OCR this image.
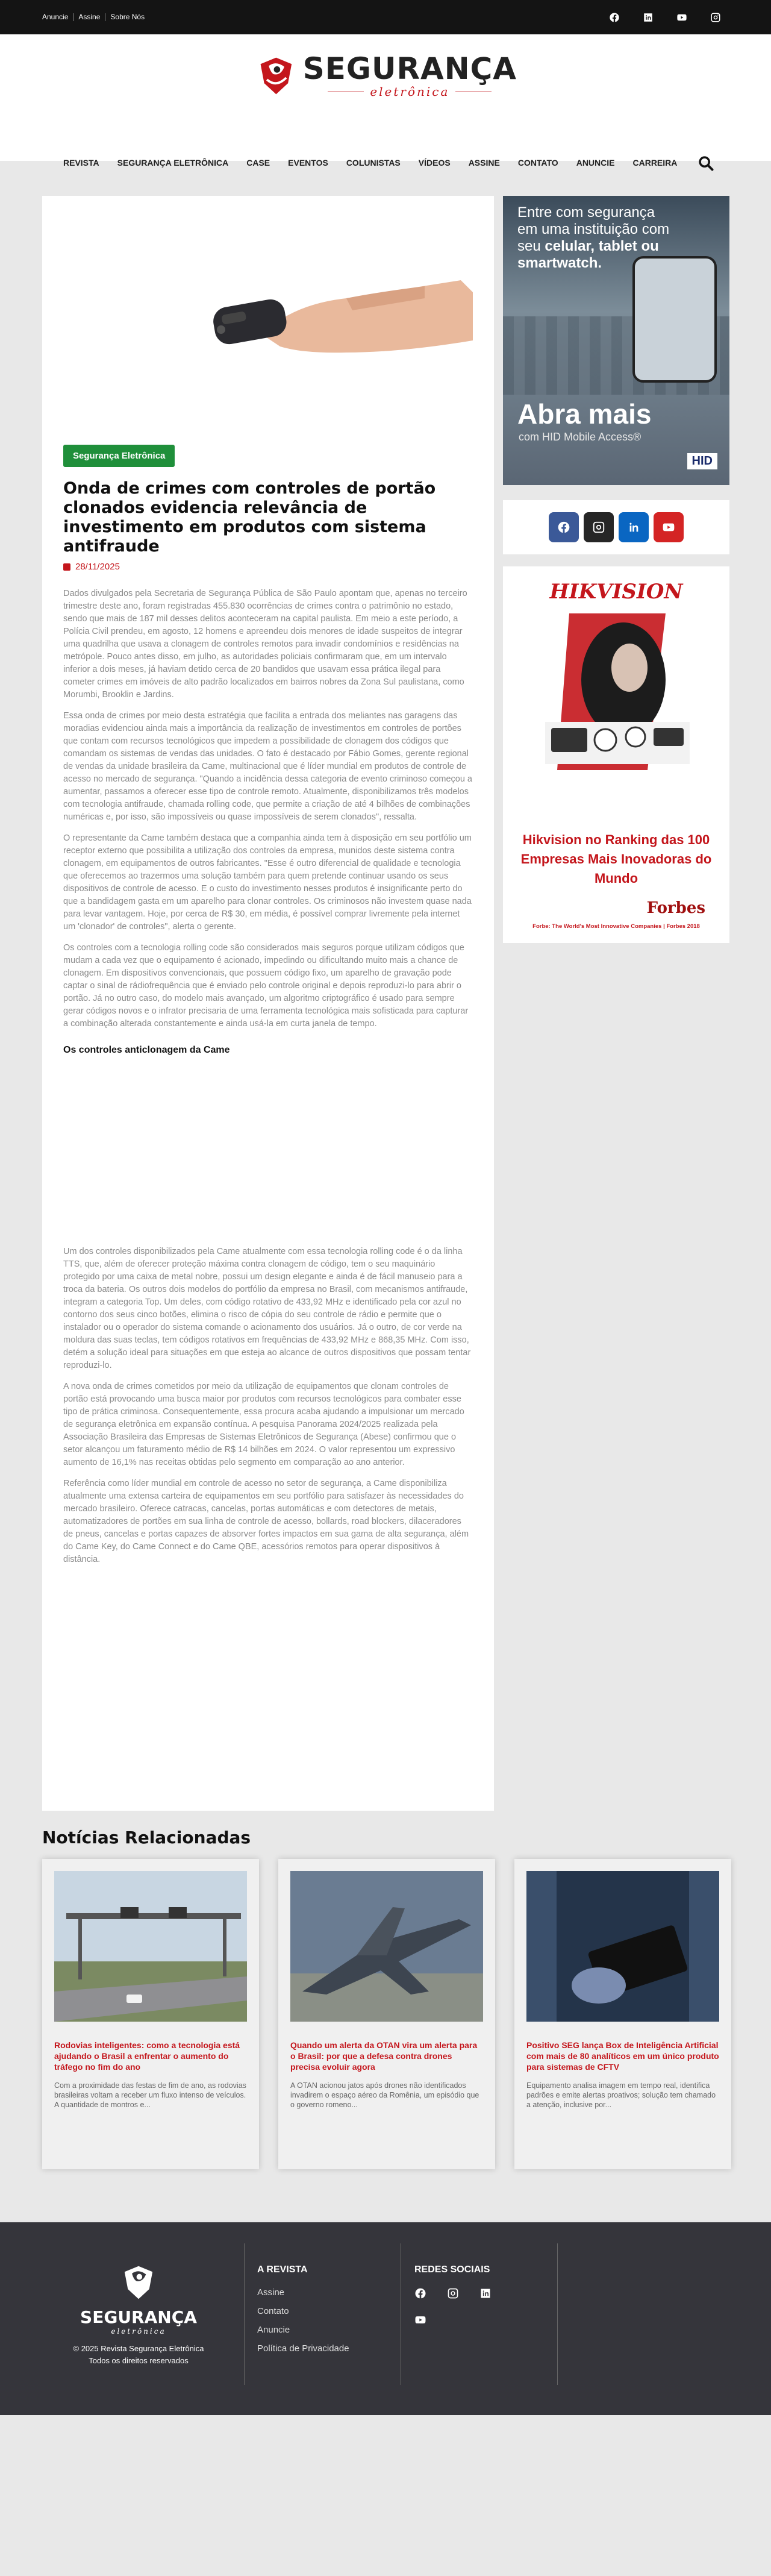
Anuncie	Assine	Sobre Nós
SEGURANÇA
eletrônica
REVISTA SEGURANÇA ELETRÔNICA CASE EVENTOS COLUNISTAS VÍDEOS ASSINE CONTATO ANUNCIE CARREIRA
Segurança Eletrônica
Onda de crimes com controles de portão clonados evidencia relevância de investimento em produtos com sistema antifraude
28/11/2025

Dados divulgados pela Secretaria de Segurança Pública de São Paulo apontam que, apenas no terceiro trimestre deste ano, foram registradas 455.830 ocorrências de crimes contra o patrimônio no estado, sendo que mais de 187 mil desses delitos aconteceram na capital paulista. Em meio a este período, a Polícia Civil prendeu, em agosto, 12 homens e apreendeu dois menores de idade suspeitos de integrar uma quadrilha que usava a clonagem de controles remotos para invadir condomínios e residências na metrópole. Pouco antes disso, em julho, as autoridades policiais confirmaram que, em um intervalo inferior a dois meses, já haviam detido cerca de 20 bandidos que usavam essa prática ilegal para cometer crimes em imóveis de alto padrão localizados em bairros nobres da Zona Sul paulistana, como Morumbi, Brooklin e Jardins.

Essa onda de crimes por meio desta estratégia que facilita a entrada dos meliantes nas garagens das moradias evidenciou ainda mais a importância da realização de investimentos em controles de portões que contam com recursos tecnológicos que impedem a possibilidade de clonagem dos códigos que comandam os sistemas de vendas das unidades. O fato é destacado por Fábio Gomes, gerente regional de vendas da unidade brasileira da Came, multinacional que é líder mundial em produtos de controle de acesso no mercado de segurança. "Quando a incidência dessa categoria de evento criminoso começou a aumentar, passamos a oferecer esse tipo de controle remoto. Atualmente, disponibilizamos três modelos com tecnologia antifraude, chamada rolling code, que permite a criação de até 4 bilhões de combinações numéricas e, por isso, são impossíveis ou quase impossíveis de serem clonados", ressalta.

O representante da Came também destaca que a companhia ainda tem à disposição em seu portfólio um receptor externo que possibilita a utilização dos controles da empresa, munidos deste sistema contra clonagem, em equipamentos de outros fabricantes. "Esse é outro diferencial de qualidade e tecnologia que oferecemos ao trazermos uma solução também para quem pretende continuar usando os seus dispositivos de controle de acesso. E o custo do investimento nesses produtos é insignificante perto do que a bandidagem gasta em um aparelho para clonar controles. Os criminosos não investem quase nada para levar vantagem. Hoje, por cerca de R$ 30, em média, é possível comprar livremente pela internet um 'clonador' de controles", alerta o gerente.

Os controles com a tecnologia rolling code são considerados mais seguros porque utilizam códigos que mudam a cada vez que o equipamento é acionado, impedindo ou dificultando muito mais a chance de clonagem. Em dispositivos convencionais, que possuem código fixo, um aparelho de gravação pode captar o sinal de rádiofrequência que é enviado pelo controle original e depois reproduzi-lo para abrir o portão. Já no outro caso, do modelo mais avançado, um algoritmo criptográfico é usado para sempre gerar códigos novos e o infrator precisaria de uma ferramenta tecnológica mais sofisticada para capturar a combinação alterada constantemente e ainda usá-la em curta janela de tempo.

Os controles anticlonagem da Came

Um dos controles disponibilizados pela Came atualmente com essa tecnologia rolling code é o da linha TTS, que, além de oferecer proteção máxima contra clonagem de código, tem o seu maquinário protegido por uma caixa de metal nobre, possui um design elegante e ainda é de fácil manuseio para a troca da bateria. Os outros dois modelos do portfólio da empresa no Brasil, com mecanismos antifraude, integram a categoria Top. Um deles, com código rotativo de 433,92 MHz e identificado pela cor azul no contorno dos seus cinco botões, elimina o risco de cópia do seu controle de rádio e permite que o instalador ou o operador do sistema comande o acionamento dos usuários. Já o outro, de cor verde na moldura das suas teclas, tem códigos rotativos em frequências de 433,92 MHz e 868,35 MHz. Com isso, detém a solução ideal para situações em que esteja ao alcance de outros dispositivos que possam tentar reproduzi-lo.

A nova onda de crimes cometidos por meio da utilização de equipamentos que clonam controles de portão está provocando uma busca maior por produtos com recursos tecnológicos para combater esse tipo de prática criminosa. Consequentemente, essa procura acaba ajudando a impulsionar um mercado de segurança eletrônica em expansão contínua. A pesquisa Panorama 2024/2025 realizada pela Associação Brasileira das Empresas de Sistemas Eletrônicos de Segurança (Abese) confirmou que o setor alcançou um faturamento médio de R$ 14 bilhões em 2024. O valor representou um expressivo aumento de 16,1% nas receitas obtidas pelo segmento em comparação ao ano anterior.

Referência como líder mundial em controle de acesso no setor de segurança, a Came disponibiliza atualmente uma extensa carteira de equipamentos em seu portfólio para satisfazer às necessidades do mercado brasileiro. Oferece catracas, cancelas, portas automáticas e com detectores de metais, automatizadores de portões em sua linha de controle de acesso, bollards, road blockers, dilaceradores de pneus, cancelas e portas capazes de absorver fortes impactos em sua gama de alta segurança, além do Came Key, do Came Connect e do Came QBE, acessórios remotos para operar dispositivos à distância.

Entre com segurança em uma instituição com seu celular, tablet ou smartwatch.
Abra mais
com HID Mobile Access®
HID
HIKVISION
Hikvision no Ranking das 100 Empresas Mais Inovadoras do Mundo
Forbes
Forbe: The World's Most Innovative Companies | Forbes 2018
Notícias Relacionadas
Rodovias inteligentes: como a tecnologia está ajudando o Brasil a enfrentar o aumento do tráfego no fim do ano
Com a proximidade das festas de fim de ano, as rodovias brasileiras voltam a receber um fluxo intenso de veículos. A quantidade de montros e...
Quando um alerta da OTAN vira um alerta para o Brasil: por que a defesa contra drones precisa evoluir agora
A OTAN acionou jatos após drones não identificados invadirem o espaço aéreo da Romênia, um episódio que o governo romeno...
Positivo SEG lança Box de Inteligência Artificial com mais de 80 analíticos em um único produto para sistemas de CFTV
Equipamento analisa imagem em tempo real, identifica padrões e emite alertas proativos; solução tem chamado a atenção, inclusive por...
SEGURANÇA
eletrônica
© 2025 Revista Segurança Eletrônica
Todos os direitos reservados
A REVISTA
Assine
Contato
Anuncie
Política de Privacidade
REDES SOCIAIS
